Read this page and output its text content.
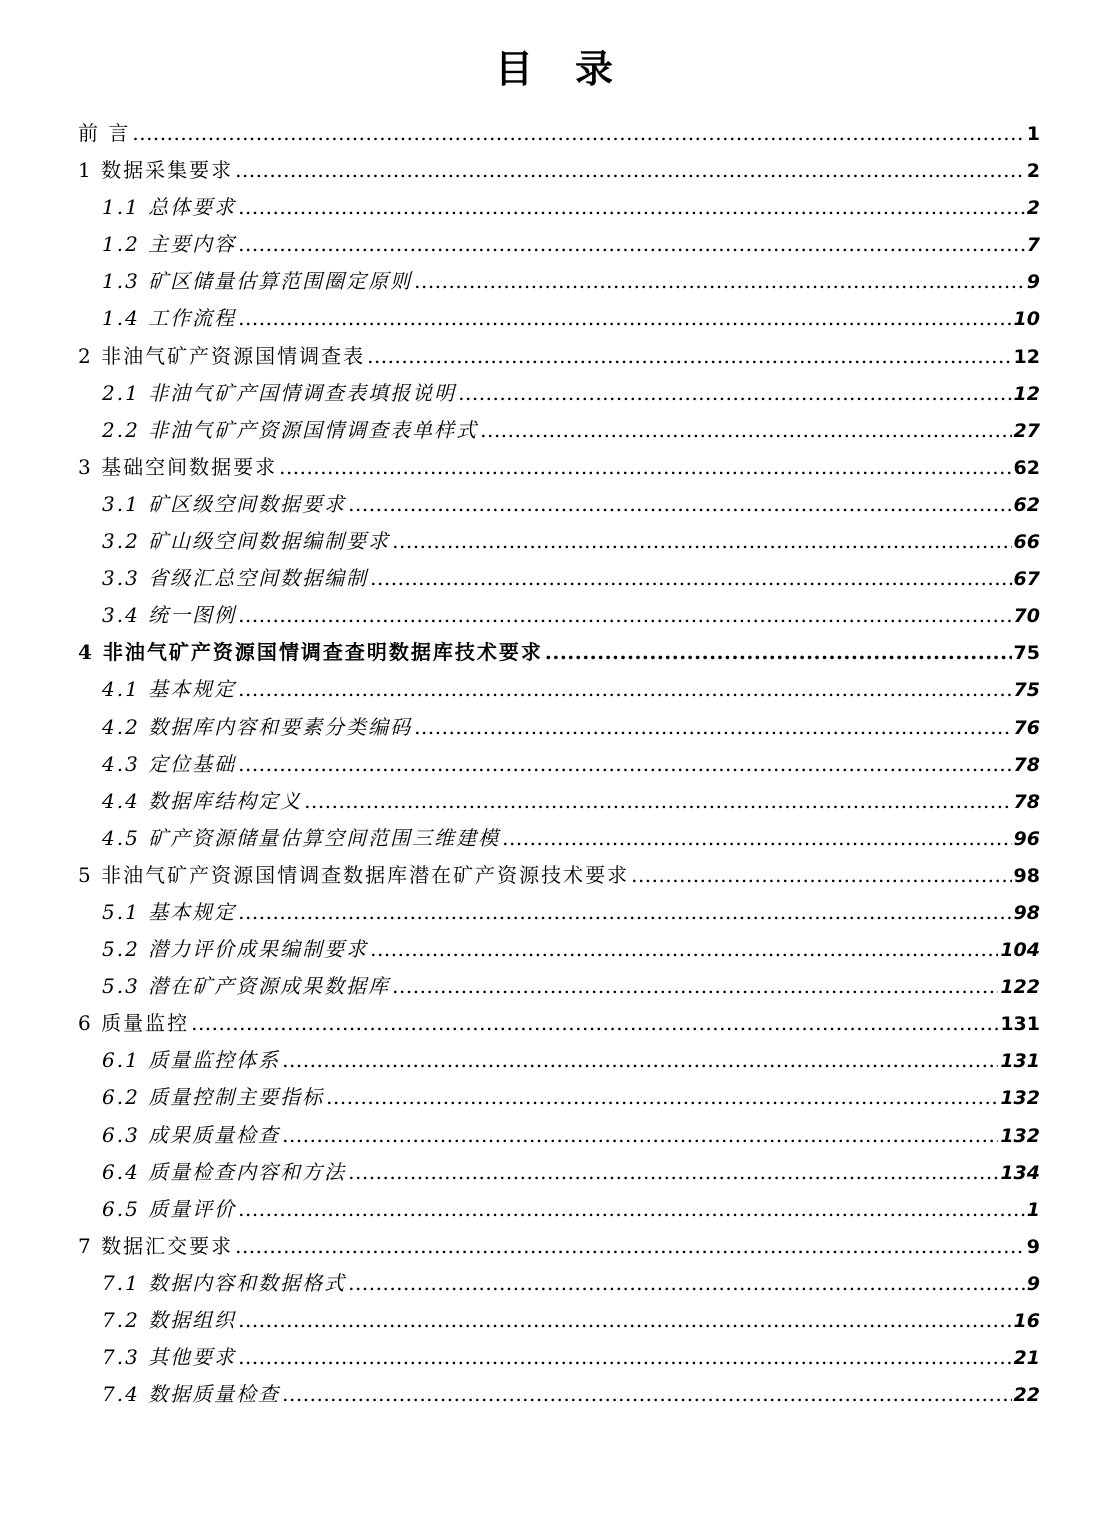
目　录
前 言 .....	1
1 数据采集要求 .....	2
1.1 总体要求 .....	2
1.2 主要内容 .....	7
1.3 矿区储量估算范围圈定原则 .....	9
1.4 工作流程 .....	10
2 非油气矿产资源国情调查表 .....	12
2.1 非油气矿产国情调查表填报说明 .....	12
2.2 非油气矿产资源国情调查表单样式 .....	27
3 基础空间数据要求 .....	62
3.1 矿区级空间数据要求 .....	62
3.2 矿山级空间数据编制要求 .....	66
3.3 省级汇总空间数据编制 .....	67
3.4 统一图例 .....	70
4 非油气矿产资源国情调查查明数据库技术要求 .....	75
4.1 基本规定 .....	75
4.2 数据库内容和要素分类编码 .....	76
4.3 定位基础 .....	78
4.4 数据库结构定义 .....	78
4.5 矿产资源储量估算空间范围三维建模 .....	96
5 非油气矿产资源国情调查数据库潜在矿产资源技术要求 .....	98
5.1 基本规定 .....	98
5.2 潜力评价成果编制要求 .....	104
5.3 潜在矿产资源成果数据库 .....	122
6 质量监控 .....	131
6.1 质量监控体系 .....	131
6.2 质量控制主要指标 .....	132
6.3 成果质量检查 .....	132
6.4 质量检查内容和方法 .....	134
6.5 质量评价 .....	1
7 数据汇交要求 .....	9
7.1 数据内容和数据格式 .....	9
7.2 数据组织 .....	16
7.3 其他要求 .....	21
7.4 数据质量检查 .....	22
